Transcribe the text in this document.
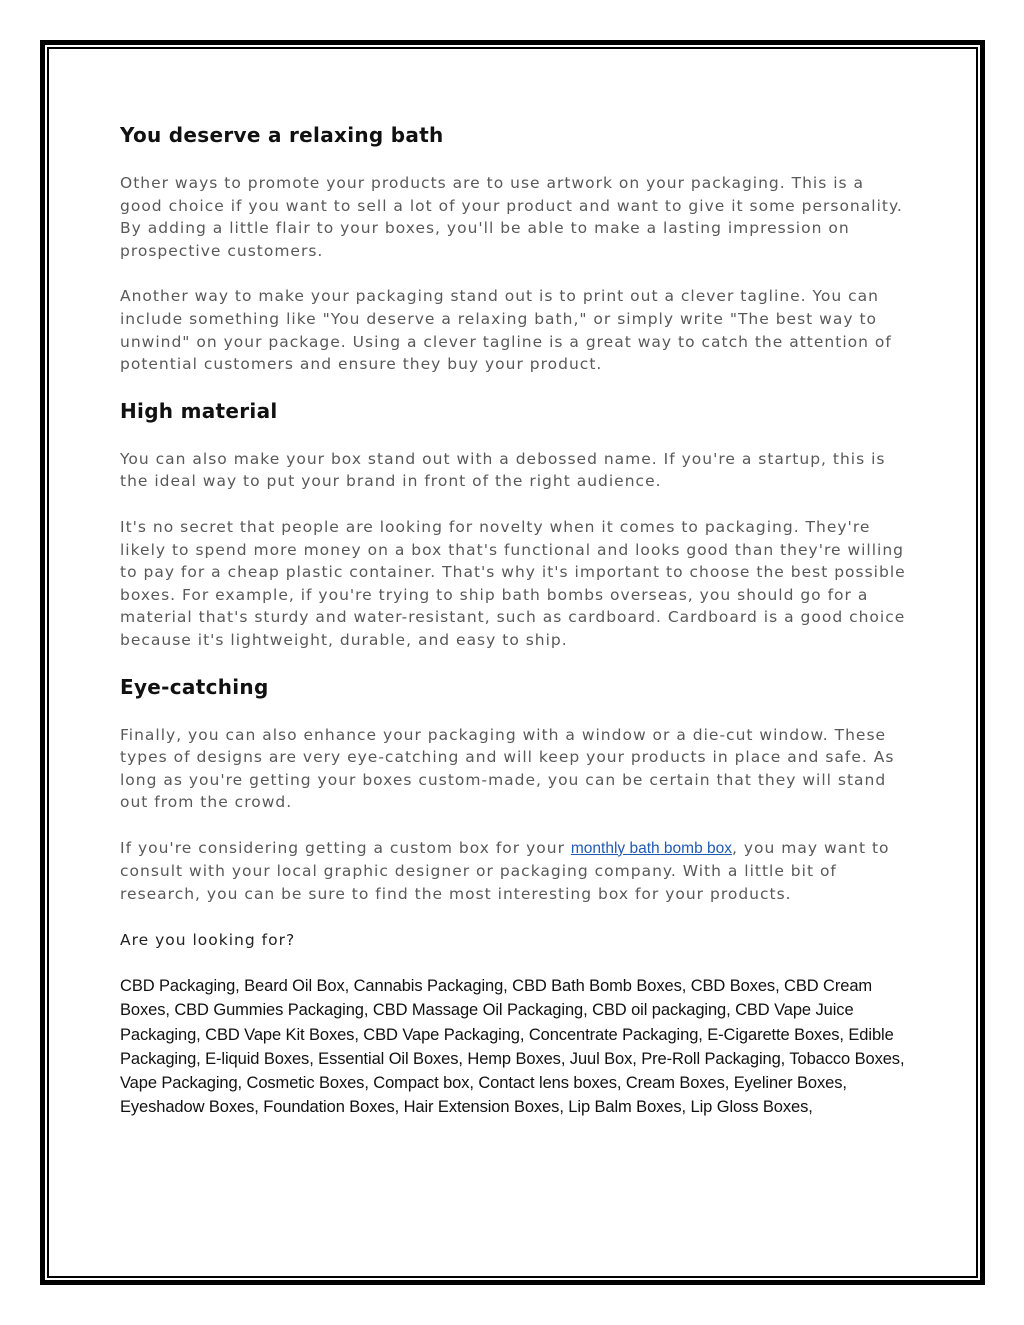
You deserve a relaxing bath

Other ways to promote your products are to use artwork on your packaging. This is a good choice if you want to sell a lot of your product and want to give it some personality. By adding a little flair to your boxes, you'll be able to make a lasting impression on prospective customers.

Another way to make your packaging stand out is to print out a clever tagline. You can include something like "You deserve a relaxing bath," or simply write "The best way to unwind" on your package. Using a clever tagline is a great way to catch the attention of potential customers and ensure they buy your product.

High material

You can also make your box stand out with a debossed name. If you're a startup, this is the ideal way to put your brand in front of the right audience.

It's no secret that people are looking for novelty when it comes to packaging. They're likely to spend more money on a box that's functional and looks good than they're willing to pay for a cheap plastic container. That's why it's important to choose the best possible boxes. For example, if you're trying to ship bath bombs overseas, you should go for a material that's sturdy and water-resistant, such as cardboard. Cardboard is a good choice because it's lightweight, durable, and easy to ship.

Eye-catching

Finally, you can also enhance your packaging with a window or a die-cut window. These types of designs are very eye-catching and will keep your products in place and safe. As long as you're getting your boxes custom-made, you can be certain that they will stand out from the crowd.

If you're considering getting a custom box for your monthly bath bomb box, you may want to consult with your local graphic designer or packaging company. With a little bit of research, you can be sure to find the most interesting box for your products.

Are you looking for?

CBD Packaging, Beard Oil Box, Cannabis Packaging, CBD Bath Bomb Boxes, CBD Boxes, CBD Cream Boxes, CBD Gummies Packaging, CBD Massage Oil Packaging, CBD oil packaging, CBD Vape Juice Packaging, CBD Vape Kit Boxes, CBD Vape Packaging, Concentrate Packaging, E-Cigarette Boxes, Edible Packaging, E-liquid Boxes, Essential Oil Boxes, Hemp Boxes, Juul Box, Pre-Roll Packaging, Tobacco Boxes, Vape Packaging, Cosmetic Boxes, Compact box, Contact lens boxes, Cream Boxes, Eyeliner Boxes, Eyeshadow Boxes, Foundation Boxes, Hair Extension Boxes, Lip Balm Boxes, Lip Gloss Boxes,
